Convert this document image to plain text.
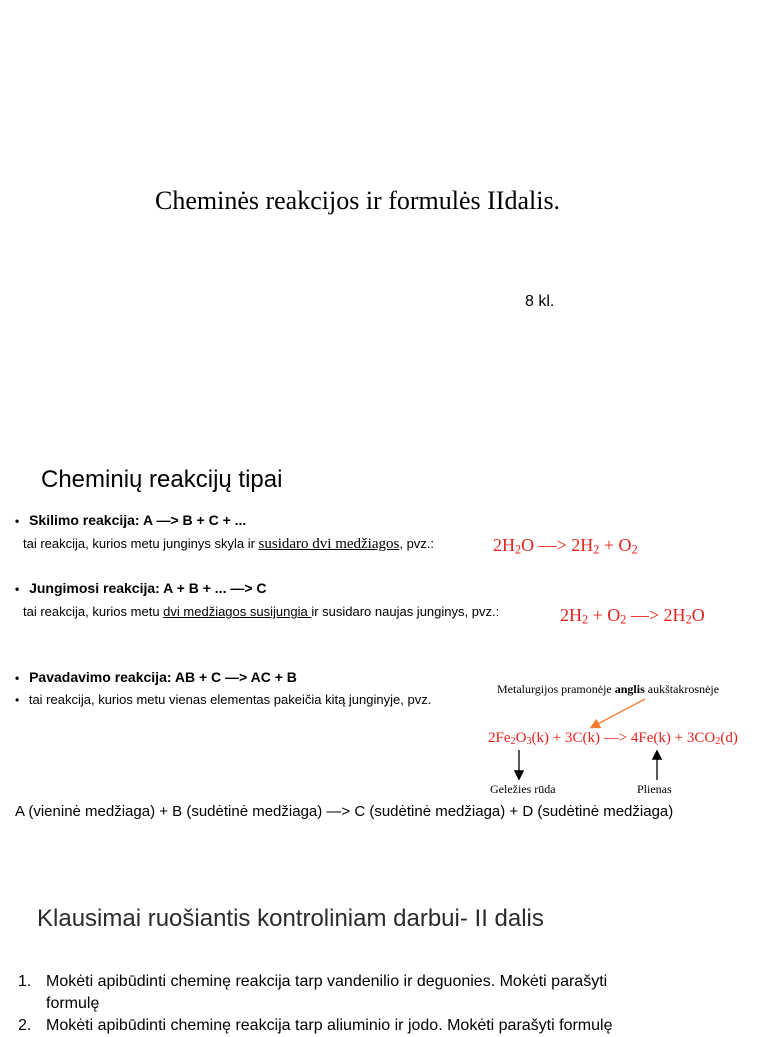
Cheminės reakcijos ir formulės IIdalis.
8 kl.
Cheminių reakcijų tipai
• Skilimo reakcija: A —> B + C + ...
tai reakcija, kurios metu junginys skyla ir susidaro dvi medžiagos, pvz.:	$2H_2O$ —> $2H_2 + O_2$
• Jungimosi reakcija: A + B + ... —> C
tai reakcija, kurios metu dvi medžiagos susijungia ir susidaro naujas junginys, pvz.:	$2H_2 + O_2$ —> $2H_2O$
• Pavadavimo reakcija: AB + C —> AC + B
• tai reakcija, kurios metu vienas elementas pakeičia kitą junginyje, pvz.
Metalurgijos pramonėje anglis aukštakrosnėje
$2Fe_2O_3(k) + 3C(k)$ —> $4Fe(k) + 3CO_2(d)$
Geležies rūda	Plienas
A (vieninė medžiaga) + B (sudėtinė medžiaga) —> C (sudėtinė medžiaga) + D (sudėtinė medžiaga)
Klausimai ruošiantis kontroliniam darbui- II dalis
1. Mokėti apibūdinti cheminę reakcija tarp vandenilio ir deguonies. Mokėti parašyti
formulę
2. Mokėti apibūdinti cheminę reakcija tarp aliuminio ir jodo. Mokėti parašyti formulę
